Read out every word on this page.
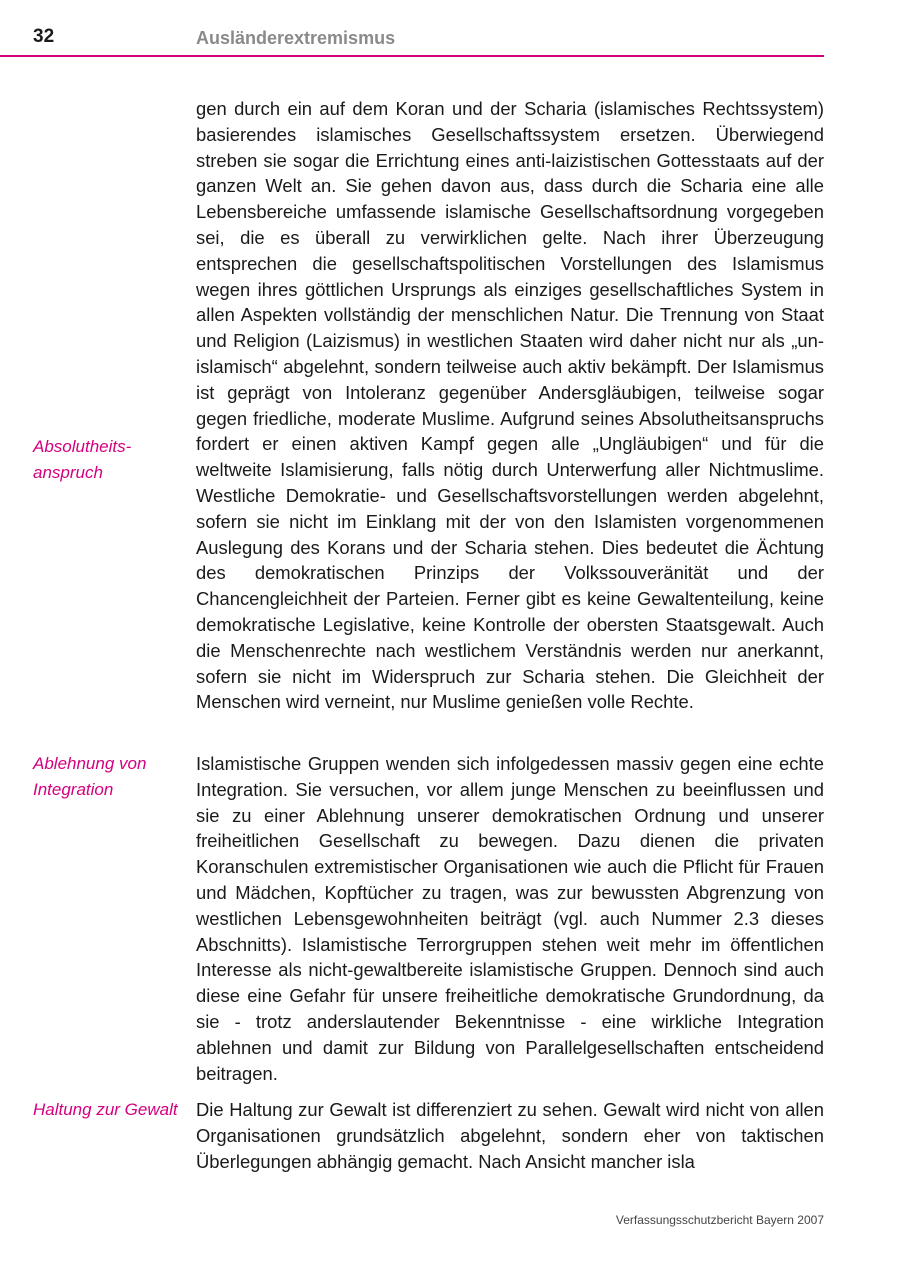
32	Ausländerextremismus

Absolutheitsanspruch

gen durch ein auf dem Koran und der Scharia (islamisches Rechtssystem) basierendes islamisches Gesellschaftssystem ersetzen. Überwiegend streben sie sogar die Errichtung eines anti-laizistischen Gottesstaats auf der ganzen Welt an. Sie gehen davon aus, dass durch die Scharia eine alle Lebensbereiche umfassende islamische Gesellschaftsordnung vorgegeben sei, die es überall zu verwirklichen gelte. Nach ihrer Überzeugung entsprechen die gesellschaftspolitischen Vorstellungen des Islamismus wegen ihres göttlichen Ursprungs als einziges gesellschaftliches System in allen Aspekten vollständig der menschlichen Natur. Die Trennung von Staat und Religion (Laizismus) in westlichen Staaten wird daher nicht nur als „un-islamisch“ abgelehnt, sondern teilweise auch aktiv bekämpft. Der Islamismus ist geprägt von Intoleranz gegenüber Andersgläubigen, teilweise sogar gegen friedliche, moderate Muslime. Aufgrund seines Absolutheitsanspruchs fordert er einen aktiven Kampf gegen alle „Ungläubigen“ und für die weltweite Islamisierung, falls nötig durch Unterwerfung aller Nichtmuslime. Westliche Demokratie- und Gesellschaftsvorstellungen werden abgelehnt, sofern sie nicht im Einklang mit der von den Islamisten vorgenommenen Auslegung des Korans und der Scharia stehen. Dies bedeutet die Ächtung des demokratischen Prinzips der Volkssouveränität und der Chancengleichheit der Parteien. Ferner gibt es keine Gewaltenteilung, keine demokratische Legislative, keine Kontrolle der obersten Staatsgewalt. Auch die Menschenrechte nach westlichem Verständnis werden nur anerkannt, sofern sie nicht im Widerspruch zur Scharia stehen. Die Gleichheit der Menschen wird verneint, nur Muslime genießen volle Rechte.

Ablehnung von Integration

Islamistische Gruppen wenden sich infolgedessen massiv gegen eine echte Integration. Sie versuchen, vor allem junge Menschen zu beeinflussen und sie zu einer Ablehnung unserer demokratischen Ordnung und unserer freiheitlichen Gesellschaft zu bewegen. Dazu dienen die privaten Koranschulen extremistischer Organisationen wie auch die Pflicht für Frauen und Mädchen, Kopftücher zu tragen, was zur bewussten Abgrenzung von westlichen Lebensgewohnheiten beiträgt (vgl. auch Nummer 2.3 dieses Abschnitts). Islamistische Terrorgruppen stehen weit mehr im öffentlichen Interesse als nicht-gewaltbereite islamistische Gruppen. Dennoch sind auch diese eine Gefahr für unsere freiheitliche demokratische Grundordnung, da sie - trotz anderslautender Bekenntnisse - eine wirkliche Integration ablehnen und damit zur Bildung von Parallelgesellschaften entscheidend beitragen.

Haltung zur Gewalt Die Haltung zur Gewalt ist differenziert zu sehen. Gewalt wird nicht von allen Organisationen grundsätzlich abgelehnt, sondern eher von taktischen Überlegungen abhängig gemacht. Nach Ansicht mancher isla

Verfassungsschutzbericht Bayern 2007
